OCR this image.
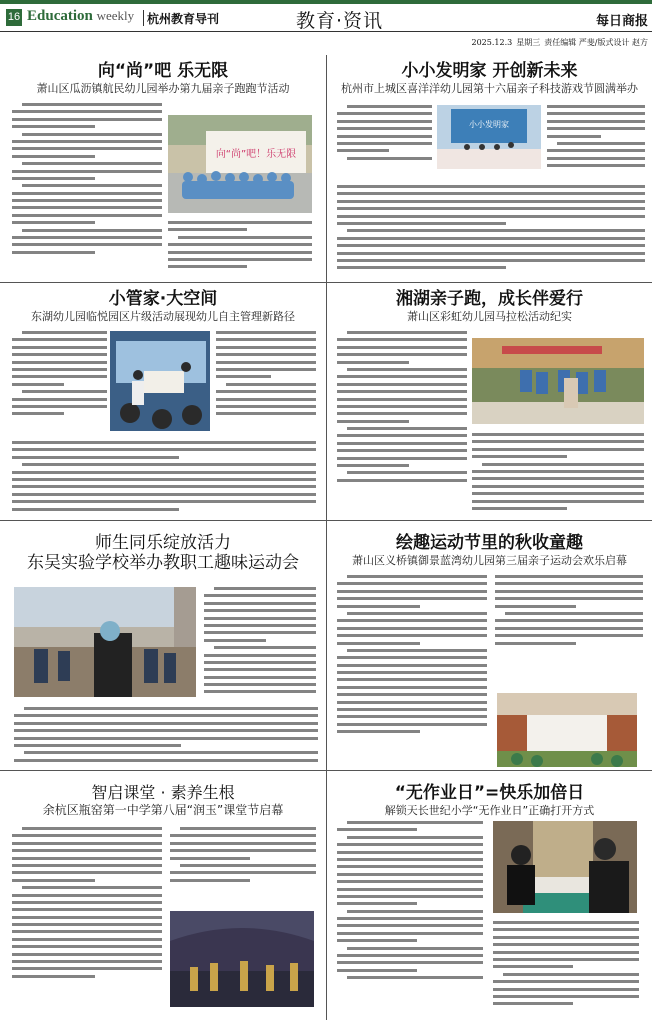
16 Education weekly 杭州教育导刊	教育·资讯	每日商报
2025.12.3 星期三 责任编辑 严斐/版式设计 赵方
向“尚”吧 乐无限
萧山区瓜沥镇航民幼儿园举办第九届亲子跑跑节活动
向“尚”吧！乐无限
小小发明家 开创新未来
杭州市上城区喜洋洋幼儿园第十六届亲子科技游戏节圆满举办
小小发明家
小管家·大空间
东湖幼儿园临悦园区片级活动展现幼儿自主管理新路径
湘湖亲子跑，成长伴爱行
萧山区彩虹幼儿园马拉松活动纪实
师生同乐绽放活力
东吴实验学校举办教职工趣味运动会
绘趣运动节里的秋收童趣
萧山区义桥镇御景蓝湾幼儿园第三届亲子运动会欢乐启幕
智启课堂 · 素养生根
余杭区瓶窑第一中学第八届“润玉”课堂节启幕
“无作业日”=快乐加倍日
解锁天长世纪小学“无作业日”正确打开方式
